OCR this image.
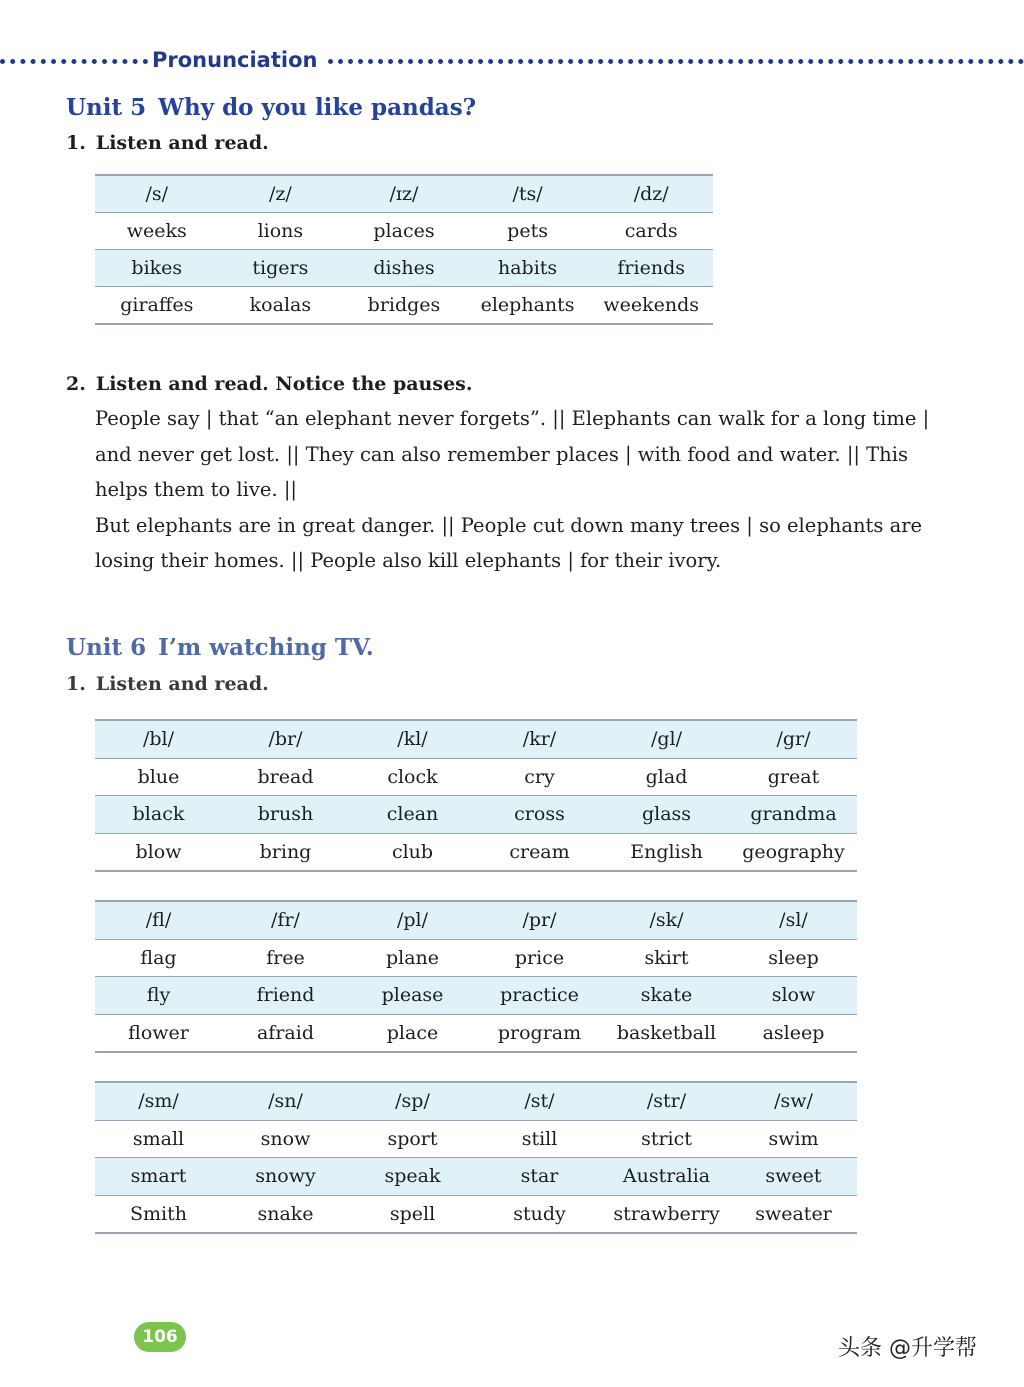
Pronunciation
Unit 5 Why do you like pandas?
1. Listen and read.
/s/	/z/	/ɪz/	/ts/	/dz/
weeks	lions	places	pets	cards
bikes	tigers	dishes	habits	friends
giraffes	koalas	bridges	elephants	weekends
2. Listen and read. Notice the pauses.

People say | that “an elephant never forgets”. || Elephants can walk for a long time | and never get lost. || They can also remember places | with food and water. || This helps them to live. ||

But elephants are in great danger. || People cut down many trees | so elephants are losing their homes. || People also kill elephants | for their ivory.

Unit 6 I’m watching TV.
1. Listen and read.
/bl/	/br/	/kl/	/kr/	/gl/	/gr/
blue	bread	clock	cry	glad	great
black	brush	clean	cross	glass	grandma
blow	bring	club	cream	English	geography
/fl/	/fr/	/pl/	/pr/	/sk/	/sl/
flag	free	plane	price	skirt	sleep
fly	friend	please	practice	skate	slow
flower	afraid	place	program	basketball	asleep
/sm/	/sn/	/sp/	/st/	/str/	/sw/
small	snow	sport	still	strict	swim
smart	snowy	speak	star	Australia	sweet
Smith	snake	spell	study	strawberry	sweater
106	头条 @升学帮
